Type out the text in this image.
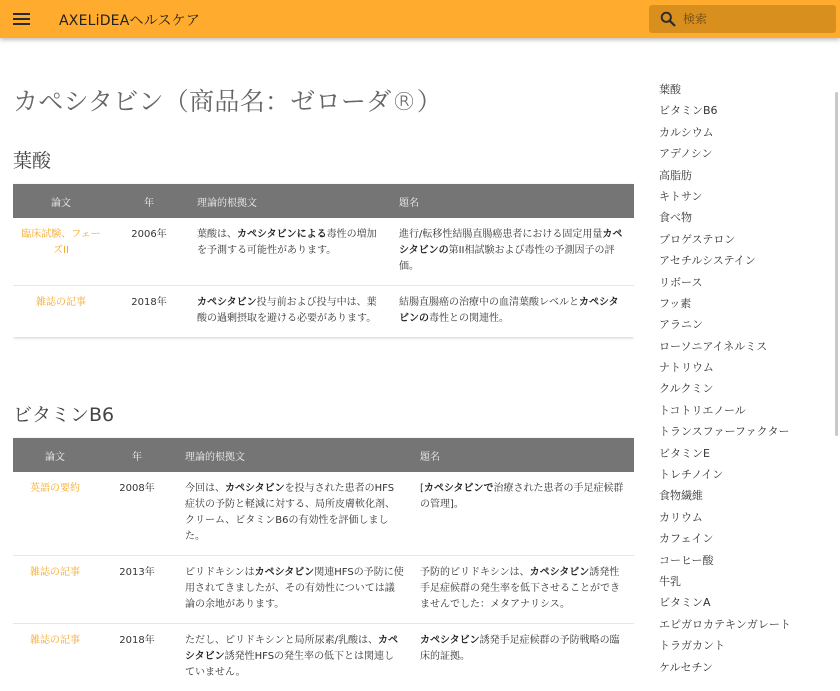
AXELiDEAヘルスケア
検索
カペシタビン（商品名：ゼローダ®）
葉酸
論文	年	理論的根拠文	題名
臨床試験、フェーズII	2006年	葉酸は、カペシタビンによる毒性の増加を予測する可能性があります。	進行/転移性結腸直腸癌患者における固定用量カペシタビンの第II相試験および毒性の予測因子の評価。
雑誌の記事	2018年	カペシタビン投与前および投与中は、葉酸の過剰摂取を避ける必要があります。	結腸直腸癌の治療中の血清葉酸レベルとカペシタビンの毒性との関連性。
ビタミンB6
論文	年	理論的根拠文	題名
英語の要約	2008年	今回は、カペシタビンを投与された患者のHFS症状の予防と軽減に対する、局所皮膚軟化剤、クリーム、ビタミンB6の有効性を評価しました。	[カペシタビンで治療された患者の手足症候群の管理]。
雑誌の記事	2013年	ピリドキシンはカペシタビン関連HFSの予防に使用されてきましたが、その有効性については議論の余地があります。	予防的ピリドキシンは、カペシタビン誘発性手足症候群の発生率を低下させることができませんでした：メタアナリシス。
雑誌の記事	2018年	ただし、ピリドキシンと局所尿素/乳酸は、カペシタビン誘発性HFSの発生率の低下とは関連していません。	カペシタビン誘発手足症候群の予防戦略の臨床的証拠。
葉酸
ビタミンB6
カルシウム
アデノシン
高脂肪
キトサン
食べ物
プロゲステロン
アセチルシステイン
リボース
フッ素
アラニン
ローソニアイネルミス
ナトリウム
クルクミン
トコトリエノール
トランスファーファクター
ビタミンE
トレチノイン
食物繊維
カリウム
カフェイン
コーヒー酸
牛乳
ビタミンA
エピガロカテキンガレート
トラガカント
ケルセチン
